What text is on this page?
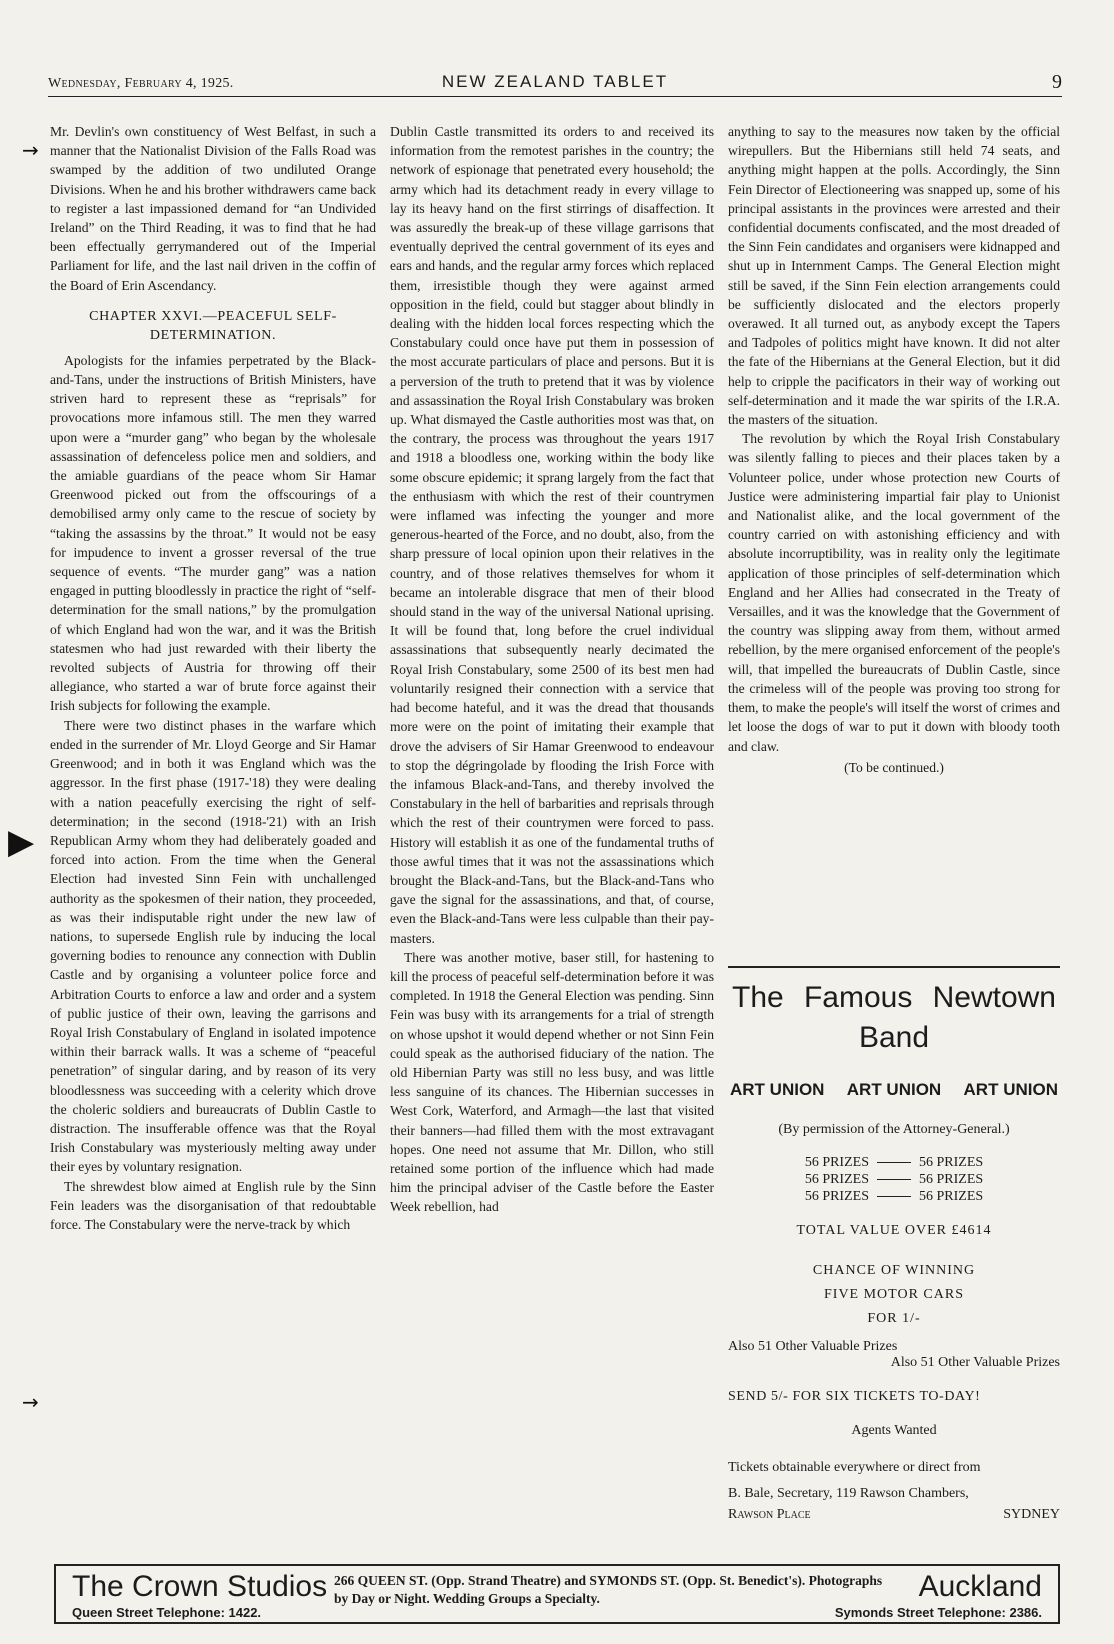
Wednesday, February 4, 1925.	NEW ZEALAND TABLET	9
→
▶
→

Mr. Devlin's own constituency of West Belfast, in such a manner that the Nationalist Division of the Falls Road was swamped by the addition of two undiluted Orange Divisions. When he and his brother withdrawers came back to register a last impassioned demand for “an Undivided Ireland” on the Third Reading, it was to find that he had been effectually gerrymandered out of the Imperial Parliament for life, and the last nail driven in the coffin of the Board of Erin Ascendancy.

CHAPTER XXVI.—PEACEFUL SELF-DETERMINATION.

Apologists for the infamies perpetrated by the Black-and-Tans, under the instructions of British Ministers, have striven hard to represent these as “reprisals” for provocations more infamous still. The men they warred upon were a “murder gang” who began by the wholesale assassination of defenceless police men and soldiers, and the amiable guardians of the peace whom Sir Hamar Greenwood picked out from the offscourings of a demobilised army only came to the rescue of society by “taking the assassins by the throat.” It would not be easy for impudence to invent a grosser reversal of the true sequence of events. “The murder gang” was a nation engaged in putting bloodlessly in practice the right of “self-determination for the small nations,” by the promulgation of which England had won the war, and it was the British statesmen who had just rewarded with their liberty the revolted subjects of Austria for throwing off their allegiance, who started a war of brute force against their Irish subjects for following the example.

There were two distinct phases in the warfare which ended in the surrender of Mr. Lloyd George and Sir Hamar Greenwood; and in both it was England which was the aggressor. In the first phase (1917-'18) they were dealing with a nation peacefully exercising the right of self-determination; in the second (1918-'21) with an Irish Republican Army whom they had deliberately goaded and forced into action. From the time when the General Election had invested Sinn Fein with unchallenged authority as the spokesmen of their nation, they proceeded, as was their indisputable right under the new law of nations, to supersede English rule by inducing the local governing bodies to renounce any connection with Dublin Castle and by organising a volunteer police force and Arbitration Courts to enforce a law and order and a system of public justice of their own, leaving the garrisons and Royal Irish Constabulary of England in isolated impotence within their barrack walls. It was a scheme of “peaceful penetration” of singular daring, and by reason of its very bloodlessness was succeeding with a celerity which drove the choleric soldiers and bureaucrats of Dublin Castle to distraction. The insufferable offence was that the Royal Irish Constabulary was mysteriously melting away under their eyes by voluntary resignation.

The shrewdest blow aimed at English rule by the Sinn Fein leaders was the disorganisation of that redoubtable force. The Constabulary were the nerve-track by which

Dublin Castle transmitted its orders to and received its information from the remotest parishes in the country; the network of espionage that penetrated every household; the army which had its detachment ready in every village to lay its heavy hand on the first stirrings of disaffection. It was assuredly the break-up of these village garrisons that eventually deprived the central government of its eyes and ears and hands, and the regular army forces which replaced them, irresistible though they were against armed opposition in the field, could but stagger about blindly in dealing with the hidden local forces respecting which the Constabulary could once have put them in possession of the most accurate particulars of place and persons. But it is a perversion of the truth to pretend that it was by violence and assassination the Royal Irish Constabulary was broken up. What dismayed the Castle authorities most was that, on the contrary, the process was throughout the years 1917 and 1918 a bloodless one, working within the body like some obscure epidemic; it sprang largely from the fact that the enthusiasm with which the rest of their countrymen were inflamed was infecting the younger and more generous-hearted of the Force, and no doubt, also, from the sharp pressure of local opinion upon their relatives in the country, and of those relatives themselves for whom it became an intolerable disgrace that men of their blood should stand in the way of the universal National uprising. It will be found that, long before the cruel individual assassinations that subsequently nearly decimated the Royal Irish Constabulary, some 2500 of its best men had voluntarily resigned their connection with a service that had become hateful, and it was the dread that thousands more were on the point of imitating their example that drove the advisers of Sir Hamar Greenwood to endeavour to stop the dégringolade by flooding the Irish Force with the infamous Black-and-Tans, and thereby involved the Constabulary in the hell of barbarities and reprisals through which the rest of their countrymen were forced to pass. History will establish it as one of the fundamental truths of those awful times that it was not the assassinations which brought the Black-and-Tans, but the Black-and-Tans who gave the signal for the assassinations, and that, of course, even the Black-and-Tans were less culpable than their pay-masters.

There was another motive, baser still, for hastening to kill the process of peaceful self-determination before it was completed. In 1918 the General Election was pending. Sinn Fein was busy with its arrangements for a trial of strength on whose upshot it would depend whether or not Sinn Fein could speak as the authorised fiduciary of the nation. The old Hibernian Party was still no less busy, and was little less sanguine of its chances. The Hibernian successes in West Cork, Waterford, and Armagh—the last that visited their banners—had filled them with the most extravagant hopes. One need not assume that Mr. Dillon, who still retained some portion of the influence which had made him the principal adviser of the Castle before the Easter Week rebellion, had

anything to say to the measures now taken by the official wirepullers. But the Hibernians still held 74 seats, and anything might happen at the polls. Accordingly, the Sinn Fein Director of Electioneering was snapped up, some of his principal assistants in the provinces were arrested and their confidential documents confiscated, and the most dreaded of the Sinn Fein candidates and organisers were kidnapped and shut up in Internment Camps. The General Election might still be saved, if the Sinn Fein election arrangements could be sufficiently dislocated and the electors properly overawed. It all turned out, as anybody except the Tapers and Tadpoles of politics might have known. It did not alter the fate of the Hibernians at the General Election, but it did help to cripple the pacificators in their way of working out self-determination and it made the war spirits of the I.R.A. the masters of the situation.

The revolution by which the Royal Irish Constabulary was silently falling to pieces and their places taken by a Volunteer police, under whose protection new Courts of Justice were administering impartial fair play to Unionist and Nationalist alike, and the local government of the country carried on with astonishing efficiency and with absolute incorruptibility, was in reality only the legitimate application of those principles of self-determination which England and her Allies had consecrated in the Treaty of Versailles, and it was the knowledge that the Government of the country was slipping away from them, without armed rebellion, by the mere organised enforcement of the people's will, that impelled the bureaucrats of Dublin Castle, since the crimeless will of the people was proving too strong for them, to make the people's will itself the worst of crimes and let loose the dogs of war to put it down with bloody tooth and claw.

(To be continued.)
The Famous Newtown
Band
ART UNION ART UNION ART UNION
(By permission of the Attorney-General.)
56 PRIZES	56 PRIZES
56 PRIZES	56 PRIZES
56 PRIZES	56 PRIZES
TOTAL VALUE OVER £4614
CHANCE OF WINNING
FIVE MOTOR CARS
FOR 1/-
Also 51 Other Valuable Prizes
Also 51 Other Valuable Prizes
SEND 5/- FOR SIX TICKETS TO-DAY!
Agents Wanted
Tickets obtainable everywhere or direct from
B. Bale, Secretary, 119 Rawson Chambers,
Rawson Place	SYDNEY
The Crown Studios 266 QUEEN ST. (Opp. Strand Theatre) and SYMONDS ST. (Opp. St. Benedict's). Photographs by Day or Night. Wedding Groups a Specialty.	Auckland
Queen Street Telephone: 1422.	Symonds Street Telephone: 2386.
